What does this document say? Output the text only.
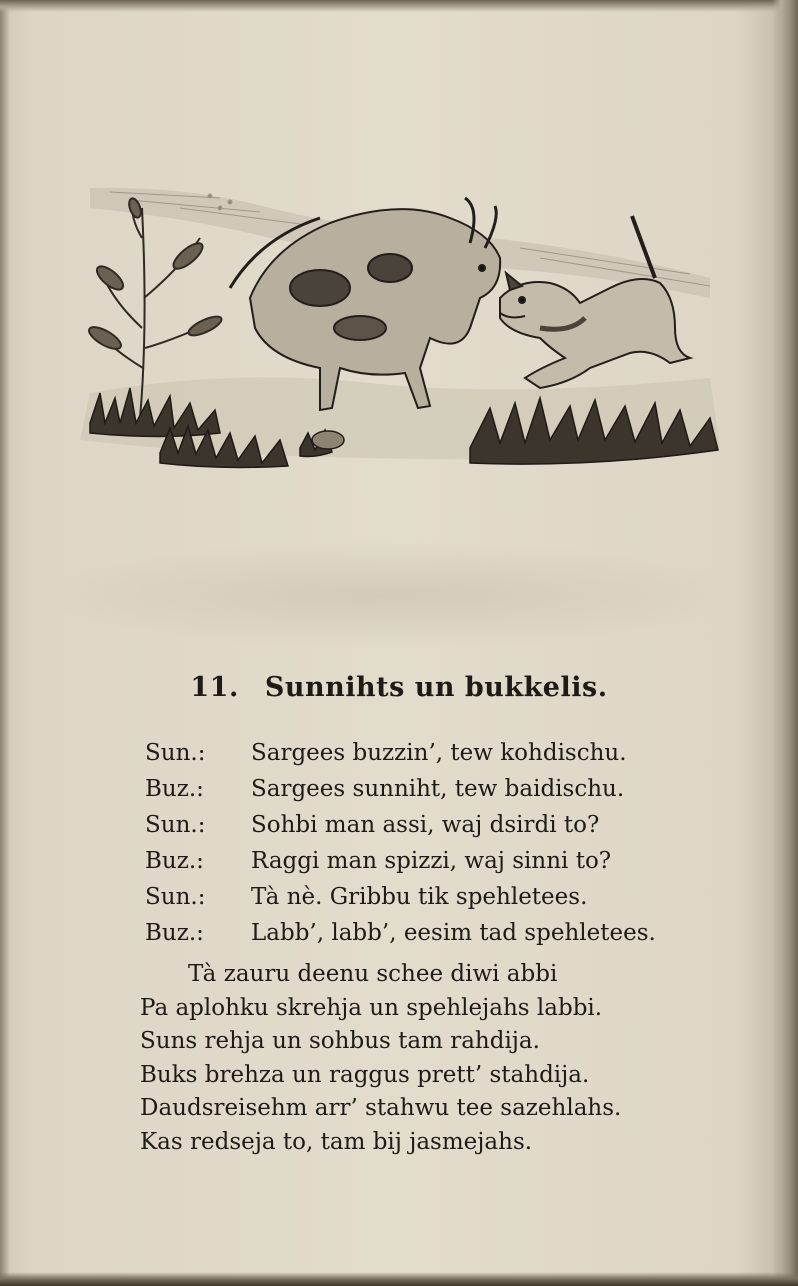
11. Sunnihts un bukkelis.
Sun.: Sargees buzzin’, tew kohdischu.
Buz.: Sargees sunniht, tew baidischu.
Sun.: Sohbi man assi, waj dsirdi to?
Buz.: Raggi man spizzi, waj sinni to?
Sun.: Tà nè. Gribbu tik spehletees.
Buz.: Labb’, labb’, eesim tad spehletees.
Tà zauru deenu schee diwi abbi
Pa aplohku skrehja un spehlejahs labbi.
Suns rehja un sohbus tam rahdija.
Buks brehza un raggus prett’ stahdija.
Daudsreisehm arr’ stahwu tee sazehlahs.
Kas redseja to, tam bij jasmejahs.
